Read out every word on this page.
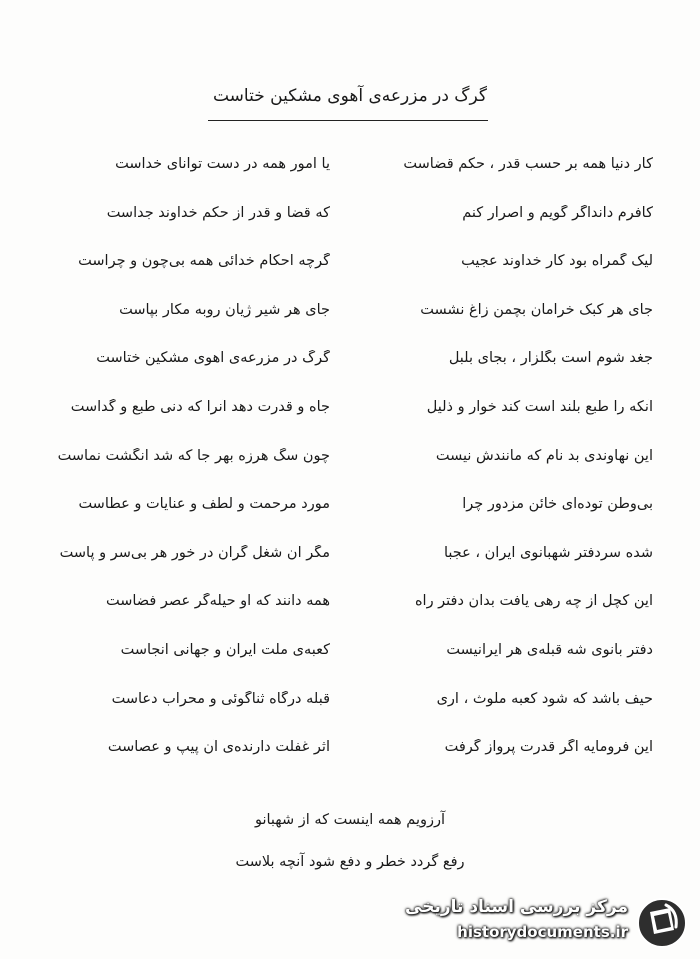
گرگ در مزرعه‌ی آهوی مشکین ختاست
کار دنیا همه بر حسب قدر ، حکم قضاست
یا امور همه در دست توانای خداست
کافرم دانداگر گویم و اصرار کنم
که قضا و قدر از حکم خداوند جداست
لیک گمراه بود کار خداوند عجیب
گرچه احکام خدائی همه بی‌چون و چراست
جای هر کبک خرامان بچمن زاغ نشست
جای هر شیر ژیان روبه مکار بپاست
جغد شوم است بگلزار ، بجای بلبل
گرگ در مزرعه‌ی آهوی مشکین ختاست
آنکه را طبع بلند است کند خوار و ذلیل
جاه و قدرت دهد آنرا که دنی طبع و گداست
این نهاوندی بد نام که مانندش نیست
چون سگ هرزه بهر جا که شد انگشت نماست
بی‌وطن توده‌ای خائن مزدور چرا
مورد مرحمت و لطف و عنایات و عطاست
شده سردفتر شهبانوی ایران ، عجبا
مگر آن شغل گران در خور هر بی‌سر و پاست
این کچل از چه رهی یافت بدان دفتر راه
همه دانند که او حیله‌گر عصر فضاست
دفتر بانوی شه قبله‌ی هر ایرانیست
کعبه‌ی ملت ایران و جهانی آنجاست
حیف باشد که شود کعبه ملوث ، آری
قبله درگاه ثناگوئی و محراب دعاست
این فرومایه اگر قدرت پرواز گرفت
اثر غفلت دارنده‌ی آن پیپ و عصاست
آرزویم همه اینست که از شهبانو
رفع گردد خطر و دفع شود آنچه بلاست
مرکز بررسی اسناد تاریخی
historydocuments.ir
